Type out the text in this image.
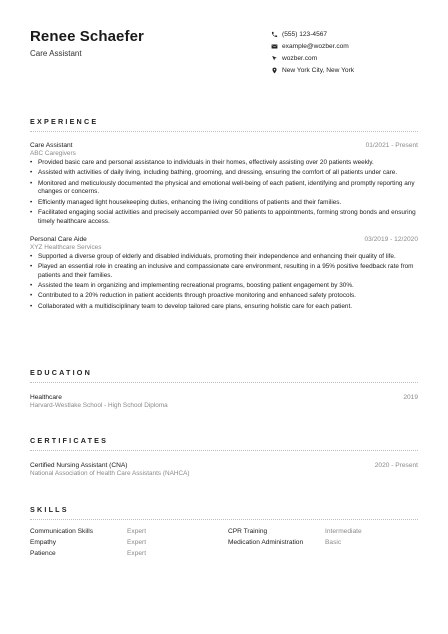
Renee Schaefer
Care Assistant
(555) 123-4567
example@wozber.com
wozber.com
New York City, New York
EXPERIENCE
Care Assistant	01/2021 - Present
ABC Caregivers
• Provided basic care and personal assistance to individuals in their homes, effectively assisting over 20 patients weekly.
• Assisted with activities of daily living, including bathing, grooming, and dressing, ensuring the comfort of all patients under care.
• Monitored and meticulously documented the physical and emotional well-being of each patient, identifying and promptly reporting any changes or concerns.
• Efficiently managed light housekeeping duties, enhancing the living conditions of patients and their families.
• Facilitated engaging social activities and precisely accompanied over 50 patients to appointments, forming strong bonds and ensuring timely healthcare access.
Personal Care Aide	03/2019 - 12/2020
XYZ Healthcare Services
• Supported a diverse group of elderly and disabled individuals, promoting their independence and enhancing their quality of life.
• Played an essential role in creating an inclusive and compassionate care environment, resulting in a 95% positive feedback rate from patients and their families.
• Assisted the team in organizing and implementing recreational programs, boosting patient engagement by 30%.
• Contributed to a 20% reduction in patient accidents through proactive monitoring and enhanced safety protocols.
• Collaborated with a multidisciplinary team to develop tailored care plans, ensuring holistic care for each patient.
EDUCATION
Healthcare	2019
Harvard-Westlake School - High School Diploma
CERTIFICATES
Certified Nursing Assistant (CNA)	2020 - Present
National Association of Health Care Assistants (NAHCA)
SKILLS
Communication Skills	Expert	CPR Training	Intermediate
Empathy	Expert	Medication Administration	Basic
Patience	Expert
